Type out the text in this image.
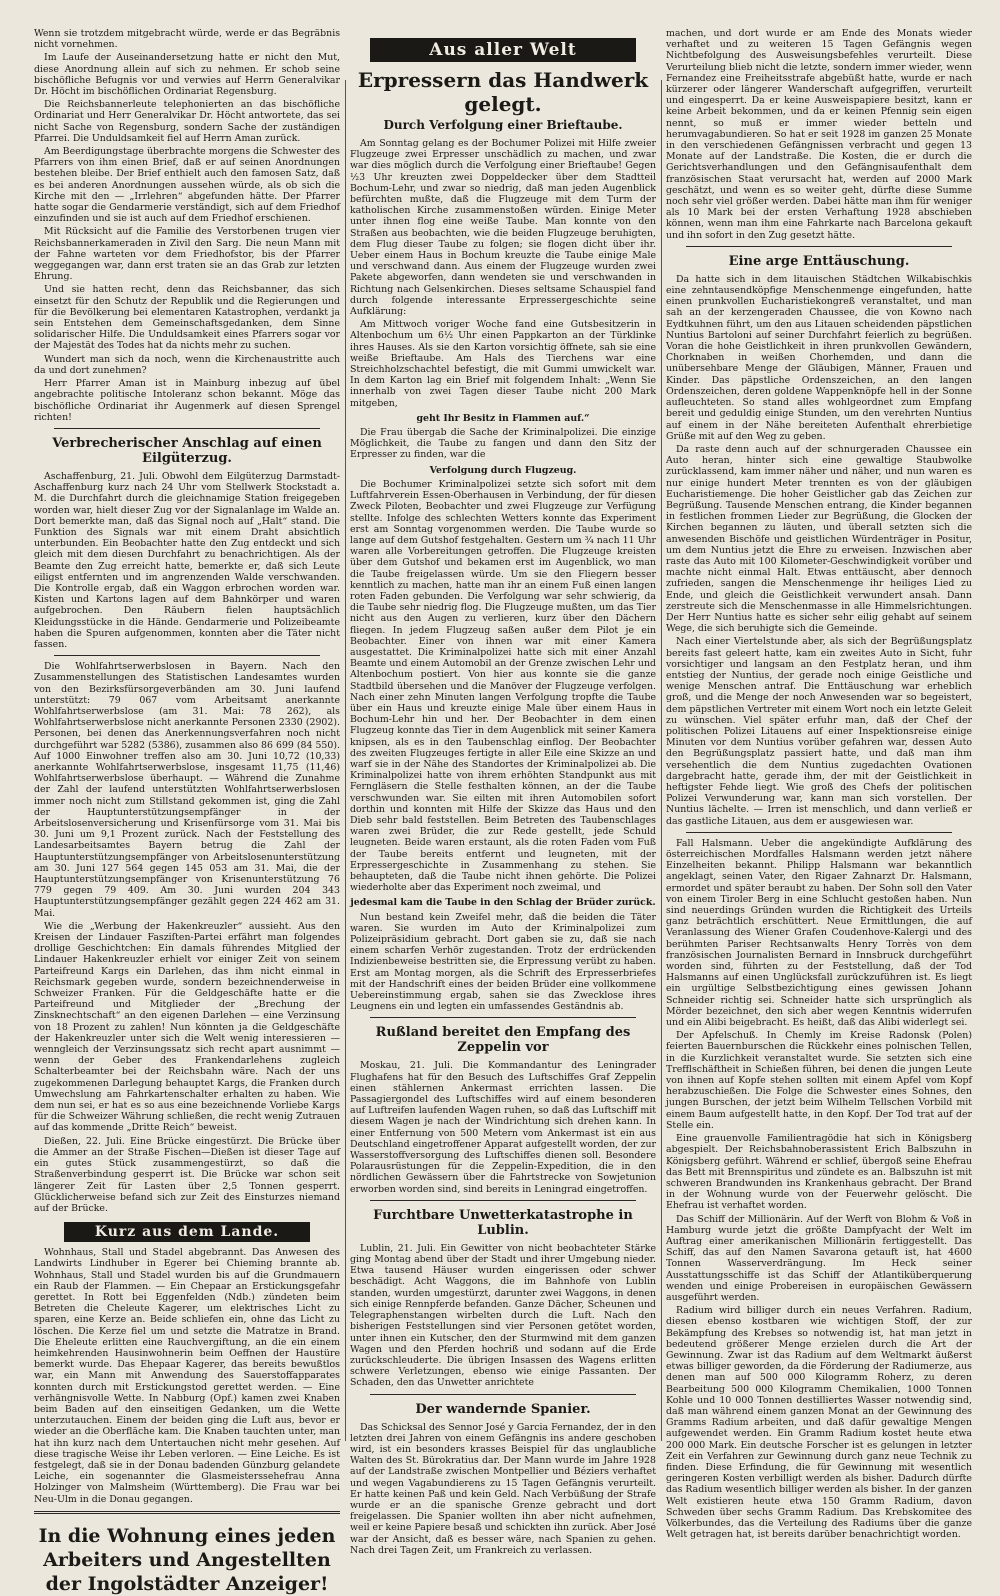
Wenn sie trotzdem mitgebracht würde, werde er das Begräbnis nicht vornehmen.

Im Laufe der Auseinandersetzung hatte er nicht den Mut, diese Anordnung allein auf sich zu nehmen. Er schob seine bischöfliche Befugnis vor und verwies auf Herrn Generalvikar Dr. Höcht im bischöflichen Ordinariat Regensburg.

Die Reichsbannerleute telephonierten an das bischöfliche Ordinariat und Herr Generalvikar Dr. Höcht antwortete, das sei nicht Sache von Regensburg, sondern Sache der zuständigen Pfarrei. Die Unduldsamkeit fiel auf Herrn Aman zurück.

Am Beerdigungstage überbrachte morgens die Schwester des Pfarrers von ihm einen Brief, daß er auf seinen Anordnungen bestehen bleibe. Der Brief enthielt auch den famosen Satz, daß es bei anderen Anordnungen aussehen würde, als ob sich die Kirche mit den — „Irrlehren“ abgefunden hätte. Der Pfarrer hatte sogar die Gendarmerie verständigt, sich auf dem Friedhof einzufinden und sie ist auch auf dem Friedhof erschienen.

Mit Rücksicht auf die Familie des Verstorbenen trugen vier Reichsbannerkameraden in Zivil den Sarg. Die neun Mann mit der Fahne warteten vor dem Friedhofstor, bis der Pfarrer weggegangen war, dann erst traten sie an das Grab zur letzten Ehrung.

Und sie hatten recht, denn das Reichsbanner, das sich einsetzt für den Schutz der Republik und die Regierungen und für die Bevölkerung bei elementaren Katastrophen, verdankt ja sein Entstehen dem Gemeinschaftsgedanken, dem Sinne solidarischer Hilfe. Die Unduldsamkeit eines Pfarrers sogar vor der Majestät des Todes hat da nichts mehr zu suchen.

Wundert man sich da noch, wenn die Kirchenaustritte auch da und dort zunehmen?

Herr Pfarrer Aman ist in Mainburg inbezug auf übel angebrachte politische Intoleranz schon bekannt. Möge das bischöfliche Ordinariat ihr Augenmerk auf diesen Sprengel richten!

Verbrecherischer Anschlag auf einen Eilgüterzug.

Aschaffenburg, 21. Juli. Obwohl dem Eilgüterzug Darmstadt-Aschaffenburg kurz nach 24 Uhr vom Stellwerk Stockstadt a. M. die Durchfahrt durch die gleichnamige Station freigegeben worden war, hielt dieser Zug vor der Signalanlage im Walde an. Dort bemerkte man, daß das Signal noch auf „Halt“ stand. Die Funktion des Signals war mit einem Draht absichtlich unterbunden. Ein Beobachter hatte den Zug entdeckt und sich gleich mit dem diesen Durchfahrt zu benachrichtigen. Als der Beamte den Zug erreicht hatte, bemerkte er, daß sich Leute eiligst entfernten und im angrenzenden Walde verschwanden. Die Kontrolle ergab, daß ein Waggon erbrochen worden war. Kisten und Kartons lagen auf dem Bahnkörper und waren aufgebrochen. Den Räubern fielen hauptsächlich Kleidungsstücke in die Hände. Gendarmerie und Polizeibeamte haben die Spuren aufgenommen, konnten aber die Täter nicht fassen.

Die Wohlfahrtserwerbslosen in Bayern. Nach den Zusammenstellungen des Statistischen Landesamtes wurden von den Bezirksfürsorgeverbänden am 30. Juni laufend unterstützt: 79 067 vom Arbeitsamt anerkannte Wohlfahrtserwerbslose (am 31. Mai: 78 262), als Wohlfahrtserwerbslose nicht anerkannte Personen 2330 (2902). Personen, bei denen das Anerkennungsverfahren noch nicht durchgeführt war 5282 (5386), zusammen also 86 699 (84 550). Auf 1000 Einwohner treffen also am 30. Juni 10,72 (10,33) anerkannte Wohlfahrtserwerbslose, insgesamt 11,75 (11,46) Wohlfahrtserwerbslose überhaupt. — Während die Zunahme der Zahl der laufend unterstützten Wohlfahrtserwerbslosen immer noch nicht zum Stillstand gekommen ist, ging die Zahl der Hauptunterstützungsempfänger in der Arbeitslosenversicherung und Krisenfürsorge vom 31. Mai bis 30. Juni um 9,1 Prozent zurück. Nach der Feststellung des Landesarbeitsamtes Bayern betrug die Zahl der Hauptunterstützungsempfänger von Arbeitslosenunterstützung am 30. Juni 127 564 gegen 145 053 am 31. Mai, die der Hauptunterstützungsempfänger von Krisenunterstützung 76 779 gegen 79 409. Am 30. Juni wurden 204 343 Hauptunterstützungsempfänger gezählt gegen 224 462 am 31. Mai.

Wie die „Werbung der Hakenkreuzler“ aussieht. Aus den Kreisen der Lindauer Fasziſten-Partei erfährt man folgendes drollige Geschichtchen: Ein damals führendes Mitglied der Lindauer Hakenkreuzler erhielt vor einiger Zeit von seinem Parteifreund Kargs ein Darlehen, das ihm nicht einmal in Reichsmark gegeben wurde, sondern bezeichnenderweise in Schweizer Franken. Für die Geldgeschäfte hatte er die Parteifreund und Mitglieder der „Brechung der Zinsknechtschaft“ an den eigenen Darlehen — eine Verzinsung von 18 Prozent zu zahlen! Nun könnten ja die Geldgeschäfte der Hakenkreuzler unter sich die Welt wenig interessieren — wenngleich der Verzinsungssatz sich recht apart ausnimmt — wenn der Geber des Frankendarlehens zugleich Schalterbeamter bei der Reichsbahn wäre. Nach der uns zugekommenen Darlegung behauptet Kargs, die Franken durch Umwechslung am Fahrkartenschalter erhalten zu haben. Wie dem nun sei, er hat es so aus eine bezeichnende Vorliebe Kargs für die Schweizer Währung schließen, die recht wenig Zutrauen auf das kommende „Dritte Reich“ beweist.

Dießen, 22. Juli. Eine Brücke eingestürzt. Die Brücke über die Ammer an der Straße Fischen—Dießen ist dieser Tage auf ein gutes Stück zusammengestürzt, so daß die Straßenverbindung gesperrt ist. Die Brücke war schon seit längerer Zeit für Lasten über 2,5 Tonnen gesperrt. Glücklicherweise befand sich zur Zeit des Einsturzes niemand auf der Brücke.

Kurz aus dem Lande.

Wohnhaus, Stall und Stadel abgebrannt. Das Anwesen des Landwirts Lindhuber in Egerer bei Chieming brannte ab. Wohnhaus, Stall und Stadel wurden bis auf die Grundmauern ein Raub der Flammen. — Ein Chepaar an Erstickungsgefahr gerettet. In Rott bei Eggenfelden (Ndb.) zündeten beim Betreten die Cheleute Kagerer, um elektrisches Licht zu sparen, eine Kerze an. Beide schliefen ein, ohne das Licht zu löschen. Die Kerze fiel um und setzte die Matratze in Brand. Die Eheleute erlitten eine Rauchvergiftung, an die ein einem heimkehrenden Hausinwohnerin beim Oeffnen der Haustüre bemerkt wurde. Das Ehepaar Kagerer, das bereits bewußtlos war, ein Mann mit Anwendung des Sauerstoffapparates konnten durch mit Erstickungstod gerettet werden. — Eine verhängnisvolle Wette. In Nabburg (Opf.) kamen zwei Knaben beim Baden auf den einseitigen Gedanken, um die Wette unterzutauchen. Einem der beiden ging die Luft aus, bevor er wieder an die Oberfläche kam. Die Knaben tauchten unter, man hat ihn kurz nach dem Untertauchen nicht mehr gesehen. Auf diese tragische Weise ihr Leben verloren. — Eine Leiche. Es ist festgelegt, daß sie in der Donau badenden Günzburg gelandete Leiche, ein sogenannter die Glasmeisterssehefrau Anna Holzinger von Malmsheim (Württemberg). Die Frau war bei Neu-Ulm in die Donau gegangen.

In die Wohnung eines jeden
Arbeiters und Angestellten
der Ingolstädter Anzeiger!
Aus aller Welt
Erpressern das Handwerk gelegt.
Durch Verfolgung einer Brieftaube.

Am Sonntag gelang es der Bochumer Polizei mit Hilfe zweier Flugzeuge zwei Erpresser unschädlich zu machen, und zwar war dies möglich durch die Verfolgung einer Brieftaube! Gegen ½3 Uhr kreuzten zwei Doppeldecker über dem Stadtteil Bochum-Lehr, und zwar so niedrig, daß man jeden Augenblick befürchten mußte, daß die Flugzeuge mit dem Turm der katholischen Kirche zusammenstoßen würden. Einige Meter unter ihnen flog eine weiße Taube. Man konnte von den Straßen aus beobachten, wie die beiden Flugzeuge beruhigten, dem Flug dieser Taube zu folgen; sie flogen dicht über ihr. Ueber einem Haus in Bochum kreuzte die Taube einige Male und verschwand dann. Aus einem der Flugzeuge wurden zwei Pakete abgeworfen, dann wendeten sie und verschwanden in Richtung nach Gelsenkirchen. Dieses seltsame Schauspiel fand durch folgende interessante Erpressergeschichte seine Aufklärung:

Am Mittwoch voriger Woche fand eine Gutsbesitzerin in Altenbochum um 6½ Uhr einen Pappkarton an der Türklinke ihres Hauses. Als sie den Karton vorsichtig öffnete, sah sie eine weiße Brieftaube. Am Hals des Tierchens war eine Streichholzschachtel befestigt, die mit Gummi umwickelt war. In dem Karton lag ein Brief mit folgendem Inhalt: „Wenn Sie innerhalb von zwei Tagen dieser Taube nicht 200 Mark mitgeben,

geht Ihr Besitz in Flammen auf.“

Die Frau übergab die Sache der Kriminalpolizei. Die einzige Möglichkeit, die Taube zu fangen und dann den Sitz der Erpresser zu finden, war die

Verfolgung durch Flugzeug.

Die Bochumer Kriminalpolizei setzte sich sofort mit dem Luftfahrverein Essen-Oberhausen in Verbindung, der für diesen Zweck Piloten, Beobachter und zwei Flugzeuge zur Verfügung stellte. Infolge des schlechten Wetters konnte das Experiment erst am Sonntag vorgenommen werden. Die Taube wurde so lange auf dem Gutshof festgehalten. Gestern um ¾ nach 11 Uhr waren alle Vorbereitungen getroffen. Die Flugzeuge kreisten über dem Gutshof und bekamen erst im Augenblick, wo man die Taube freigelassen würde. Um sie den Fliegern besser kenntlich zu machen, hatte man ihr an einem Fuß einen langen roten Faden gebunden. Die Verfolgung war sehr schwierig, da die Taube sehr niedrig flog. Die Flugzeuge mußten, um das Tier nicht aus den Augen zu verlieren, kurz über den Dächern fliegen. In jedem Flugzeug saßen außer dem Pilot je ein Beobachter. Einer von ihnen war mit einer Kamera ausgestattet. Die Kriminalpolizei hatte sich mit einer Anzahl Beamte und einem Automobil an der Grenze zwischen Lehr und Altenbochum postiert. Von hier aus konnte sie die ganze Stadtbild übersehen und die Manöver der Flugzeuge verfolgen. Nach einer zehn Minuten langen Verfolgung tropfte die Taube über ein Haus und kreuzte einige Male über einem Haus in Bochum-Lehr hin und her. Der Beobachter in dem einen Flugzeug konnte das Tier in dem Augenblick mit seiner Kamera knipsen, als es in den Taubenschlag einflog. Der Beobachter des zweiten Flugzeuges fertigte in aller Eile eine Skizze an und warf sie in der Nähe des Standortes der Kriminalpolizei ab. Die Kriminalpolizei hatte von ihrem erhöhten Standpunkt aus mit Ferngläsern die Stelle festhalten können, an der die Taube verschwunden war. Sie eilten mit ihren Automobilen sofort dorthin und konnten mit Hilfe der Skizze das Haus und den Dieb sehr bald feststellen. Beim Betreten des Taubenschlages waren zwei Brüder, die zur Rede gestellt, jede Schuld leugneten. Beide waren erstaunt, als die roten Faden vom Fuß der Taube bereits entfernt und leugneten, mit der Erpressergeschichte in Zusammenhang zu stehen. Sie behaupteten, daß die Taube nicht ihnen gehörte. Die Polizei wiederholte aber das Experiment noch zweimal, und

jedesmal kam die Taube in den Schlag der Brüder zurück.

Nun bestand kein Zweifel mehr, daß die beiden die Täter waren. Sie wurden im Auto der Kriminalpolizei zum Polizeipräsidium gebracht. Dort gaben sie zu, daß sie nach einem scharfen Verhör zugestanden. Trotz der erdrückenden Indizienbeweise bestritten sie, die Erpressung verübt zu haben. Erst am Montag morgen, als die Schrift des Erpresserbriefes mit der Handschrift eines der beiden Brüder eine vollkommene Uebereinstimmung ergab, sahen sie das Zwecklose ihres Leugnens ein und legten ein umfassendes Geständnis ab.

Rußland bereitet den Empfang des Zeppelin vor

Moskau, 21. Juli. Die Kommandantur des Leningrader Flughafens hat für den Besuch des Luftschiffes Graf Zeppelin einen stählernen Ankermast errichten lassen. Die Passagiergondel des Luftschiffes wird auf einem besonderen auf Luftreifen laufenden Wagen ruhen, so daß das Luftschiff mit diesem Wagen je nach der Windrichtung sich drehen kann. In einer Entfernung von 500 Metern vom Ankermast ist ein aus Deutschland eingetroffener Apparat aufgestellt worden, der zur Wasserstoffversorgung des Luftschiffes dienen soll. Besondere Polarausrüstungen für die Zeppelin-Expedition, die in den nördlichen Gewässern über die Fahrtstrecke von Sowjetunion erworben worden sind, sind bereits in Leningrad eingetroffen.

Furchtbare Unwetterkatastrophe in Lublin.

Lublin, 21. Juli. Ein Gewitter von nicht beobachteter Stärke ging Montag abend über der Stadt und ihrer Umgebung nieder. Etwa tausend Häuser wurden eingerissen oder schwer beschädigt. Acht Waggons, die im Bahnhofe von Lublin standen, wurden umgestürzt, darunter zwei Waggons, in denen sich einige Rennpferde befanden. Ganze Dächer, Scheunen und Telegraphenstangen wirbelten durch die Luft. Nach den bisherigen Feststellungen sind vier Personen getötet worden, unter ihnen ein Kutscher, den der Sturmwind mit dem ganzen Wagen und den Pferden hochriß und sodann auf die Erde zurückschleuderte. Die übrigen Insassen des Wagens erlitten schwere Verletzungen, ebenso wie einige Passanten. Der Schaden, den das Unwetter anrichtete

Der wandernde Spanier.

Das Schicksal des Sennor José y Garcia Fernandez, der in den letzten drei Jahren von einem Gefängnis ins andere geschoben wird, ist ein besonders krasses Beispiel für das unglaubliche Walten des St. Bürokratius dar. Der Mann wurde im Jahre 1928 auf der Landstraße zwischen Montpellier und Béziers verhaftet und wegen Vagabundierens zu 15 Tagen Gefängnis verurteilt. Er hatte keinen Paß und kein Geld. Nach Verbüßung der Strafe wurde er an die spanische Grenze gebracht und dort freigelassen. Die Spanier wollten ihn aber nicht aufnehmen, weil er keine Papiere besaß und schickten ihn zurück. Aber José war der Ansicht, daß es besser wäre, nach Spanien zu gehen. Nach drei Tagen Zeit, um Frankreich zu verlassen.

machen, und dort wurde er am Ende des Monats wieder verhaftet und zu weiteren 15 Tagen Gefängnis wegen Nichtbefolgung des Ausweisungsbefehles verurteilt. Diese Verurteilung blieb nicht die letzte, sondern immer wieder, wenn Fernandez eine Freiheitsstrafe abgebüßt hatte, wurde er nach kürzerer oder längerer Wanderschaft aufgegriffen, verurteilt und eingesperrt. Da er keine Ausweispapiere besitzt, kann er keine Arbeit bekommen, und da er keinen Pfennig sein eigen nennt, so muß er immer wieder betteln und herumvagabundieren. So hat er seit 1928 im ganzen 25 Monate in den verschiedenen Gefängnissen verbracht und gegen 13 Monate auf der Landstraße. Die Kosten, die er durch die Gerichtsverhandlungen und den Gefängnisaufenthalt dem französischen Staat verursacht hat, werden auf 2000 Mark geschätzt, und wenn es so weiter geht, dürfte diese Summe noch sehr viel größer werden. Dabei hätte man ihm für weniger als 10 Mark bei der ersten Verhaftung 1928 abschieben können, wenn man ihm eine Fahrkarte nach Barcelona gekauft und ihn sofort in den Zug gesetzt hätte.

Eine arge Enttäuschung.

Da hatte sich in dem litauischen Städtchen Wilkabischkis eine zehntausendköpfige Menschenmenge eingefunden, hatte einen prunkvollen Eucharistiekongreß veranstaltet, und man sah an der kerzengeraden Chaussee, die von Kowno nach Eydtkuhnen führt, um den aus Litauen scheidenden päpstlichen Nuntius Bartoloni auf seiner Durchfahrt feierlich zu begrüßen. Voran die hohe Geistlichkeit in ihren prunkvollen Gewändern, Chorknaben in weißen Chorhemden, und dann die unübersehbare Menge der Gläubigen, Männer, Frauen und Kinder. Das päpstliche Ordenszeichen, an den langen Ordenszeichen, deren goldene Wappenknöpfe hell in der Sonne aufleuchteten. So stand alles wohlgeordnet zum Empfang bereit und geduldig einige Stunden, um den verehrten Nuntius auf einem in der Nähe bereiteten Aufenthalt ehrerbietige Grüße mit auf den Weg zu geben.

Da raste denn auch auf der schnurgeraden Chaussee ein Auto heran, hinter sich eine gewaltige Staubwolke zurücklassend, kam immer näher und näher, und nun waren es nur einige hundert Meter trennten es von der gläubigen Eucharistiemenge. Die hoher Geistlicher gab das Zeichen zur Begrüßung. Tausende Menschen entrang, die Kinder begannen in festlichen frommen Lieder zur Begrüßung, die Glocken der Kirchen begannen zu läuten, und überall setzten sich die anwesenden Bischöfe und geistlichen Würdenträger in Positur, um dem Nuntius jetzt die Ehre zu erweisen. Inzwischen aber raste das Auto mit 100 Kilometer-Geschwindigkeit vorüber und machte nicht einmal Halt. Etwas enttäuscht, aber dennoch zufrieden, sangen die Menschenmenge ihr heiliges Lied zu Ende, und gleich die Geistlichkeit verwundert ansah. Dann zerstreute sich die Menschenmasse in alle Himmelsrichtungen. Der Herr Nuntius hatte es sicher sehr eilig gehabt auf seinem Wege, die sich beruhigte sich die Gemeinde.

Nach einer Viertelstunde aber, als sich der Begrüßungsplatz bereits fast geleert hatte, kam ein zweites Auto in Sicht, fuhr vorsichtiger und langsam an den Festplatz heran, und ihm entstieg der Nuntius, der gerade noch einige Geistliche und wenige Menschen antraf. Die Enttäuschung war erheblich groß, und die Menge der noch Anwesenden war so begeistert, dem päpstlichen Vertreter mit einem Wort noch ein letzte Geleit zu wünschen. Viel später erfuhr man, daß der Chef der politischen Polizei Litauens auf einer Inspektionsreise einige Minuten vor dem Nuntius vorüber gefahren war, dessen Auto den Begrüßungsplatz passiert hatte, und daß man ihm versehentlich die dem Nuntius zugedachten Ovationen dargebracht hatte, gerade ihm, der mit der Geistlichkeit in heftigster Fehde liegt. Wie groß des Chefs der politischen Polizei Verwunderung war, kann man sich vorstellen. Der Nuntius lächelte. — Irren ist menschlich, und dann verließ er das gastliche Litauen, aus dem er ausgewiesen war.

Fall Halsmann. Ueber die angekündigte Aufklärung des österreichischen Mordfalles Halsmann werden jetzt nähere Einzelheiten bekannt. Philipp Halsmann war bekanntlich angeklagt, seinen Vater, den Rigaer Zahnarzt Dr. Halsmann, ermordet und später beraubt zu haben. Der Sohn soll den Vater von einem Tiroler Berg in eine Schlucht gestoßen haben. Nun sind neuerdings Gründen wurden die Richtigkeit des Urteils ganz beträchtlich erschüttert. Neue Ermittlungen, die auf Veranlassung des Wiener Grafen Coudenhove-Kalergi und des berühmten Pariser Rechtsanwalts Henry Torrès von dem französischen Journalisten Bernard in Innsbruck durchgeführt worden sind, führten zu der Feststellung, daß der Tod Halsmanns auf einen Unglücksfall zurückzuführen ist. Es liegt ein urgültige Selbstbezichtigung eines gewissen Johann Schneider richtig sei. Schneider hatte sich ursprünglich als Mörder bezeichnet, den sich aber wegen Kenntnis widerrufen und ein Alibi beigebracht. Es heißt, daß das Alibi widerlegt sei.

Der Apfelschuß. In Chemly im Kreise Radonsk (Polen) feierten Bauernburschen die Rückkehr eines polnischen Tellen, in die Kurzlichkeit veranstaltet wurde. Sie setzten sich eine Trefflschäftheit in Schießen führen, bei denen die jungen Leute von ihnen auf Kopfe stehen sollten mit einem Apfel vom Kopf herabzuschießen. Die Folge die Schwester eines Sohnes, den jungen Burschen, der jetzt beim Wilhelm Tellschen Vorbild mit einem Baum aufgestellt hatte, in den Kopf. Der Tod trat auf der Stelle ein.

Eine grauenvolle Familientragödie hat sich in Königsberg abgespielt. Der Reichsbahnoberassistent Erich Balbszuhn in Königsberg geführt. Während er schlief, übergoß seine Ehefrau das Bett mit Brennspiritus und zündete es an. Balbszuhn ist mit schweren Brandwunden ins Krankenhaus gebracht. Der Brand in der Wohnung wurde von der Feuerwehr gelöscht. Die Ehefrau ist verhaftet worden.

Das Schiff der Millionärin. Auf der Werft von Blohm & Voß in Hamburg wurde jetzt die größte Dampfyacht der Welt im Auftrag einer amerikanischen Millionärin fertiggestellt. Das Schiff, das auf den Namen Savarona getauft ist, hat 4600 Tonnen Wasserverdrängung. Im Heck seiner Ausstattungsschiffe ist das Schiff der Atlantiküberquerung wenden und einige Probereisen in europäischen Gewässern ausgeführt werden.

Radium wird billiger durch ein neues Verfahren. Radium, diesen ebenso kostbaren wie wichtigen Stoff, der zur Bekämpfung des Krebses so notwendig ist, hat man jetzt in bedeutend größerer Menge erzielen durch die Art der Gewinnung. Zwar ist das Radium auf dem Weltmarkt äußerst etwas billiger geworden, da die Förderung der Radiumerze, aus denen man auf 500 000 Kilogramm Roherz, zu deren Bearbeitung 500 000 Kilogramm Chemikalien, 1000 Tonnen Kohle und 10 000 Tonnen destilliertes Wasser notwendig sind, daß man während einem ganzen Monat an der Gewinnung des Gramms Radium arbeiten, und daß dafür gewaltige Mengen aufgewendet werden. Ein Gramm Radium kostet heute etwa 200 000 Mark. Ein deutsche Forscher ist es gelungen in letzter Zeit ein Verfahren zur Gewinnung durch ganz neue Technik zu finden. Diese Erfindung, die für Gewinnung mit wesentlich geringeren Kosten verbilligt werden als bisher. Dadurch dürfte das Radium wesentlich billiger werden als bisher. In der ganzen Welt existieren heute etwa 150 Gramm Radium, davon Schweden über sechs Gramm Radium. Das Krebskomitee des Völkerbundes, das die Verteilung des Radiums über die ganze Welt getragen hat, ist bereits darüber benachrichtigt worden.
